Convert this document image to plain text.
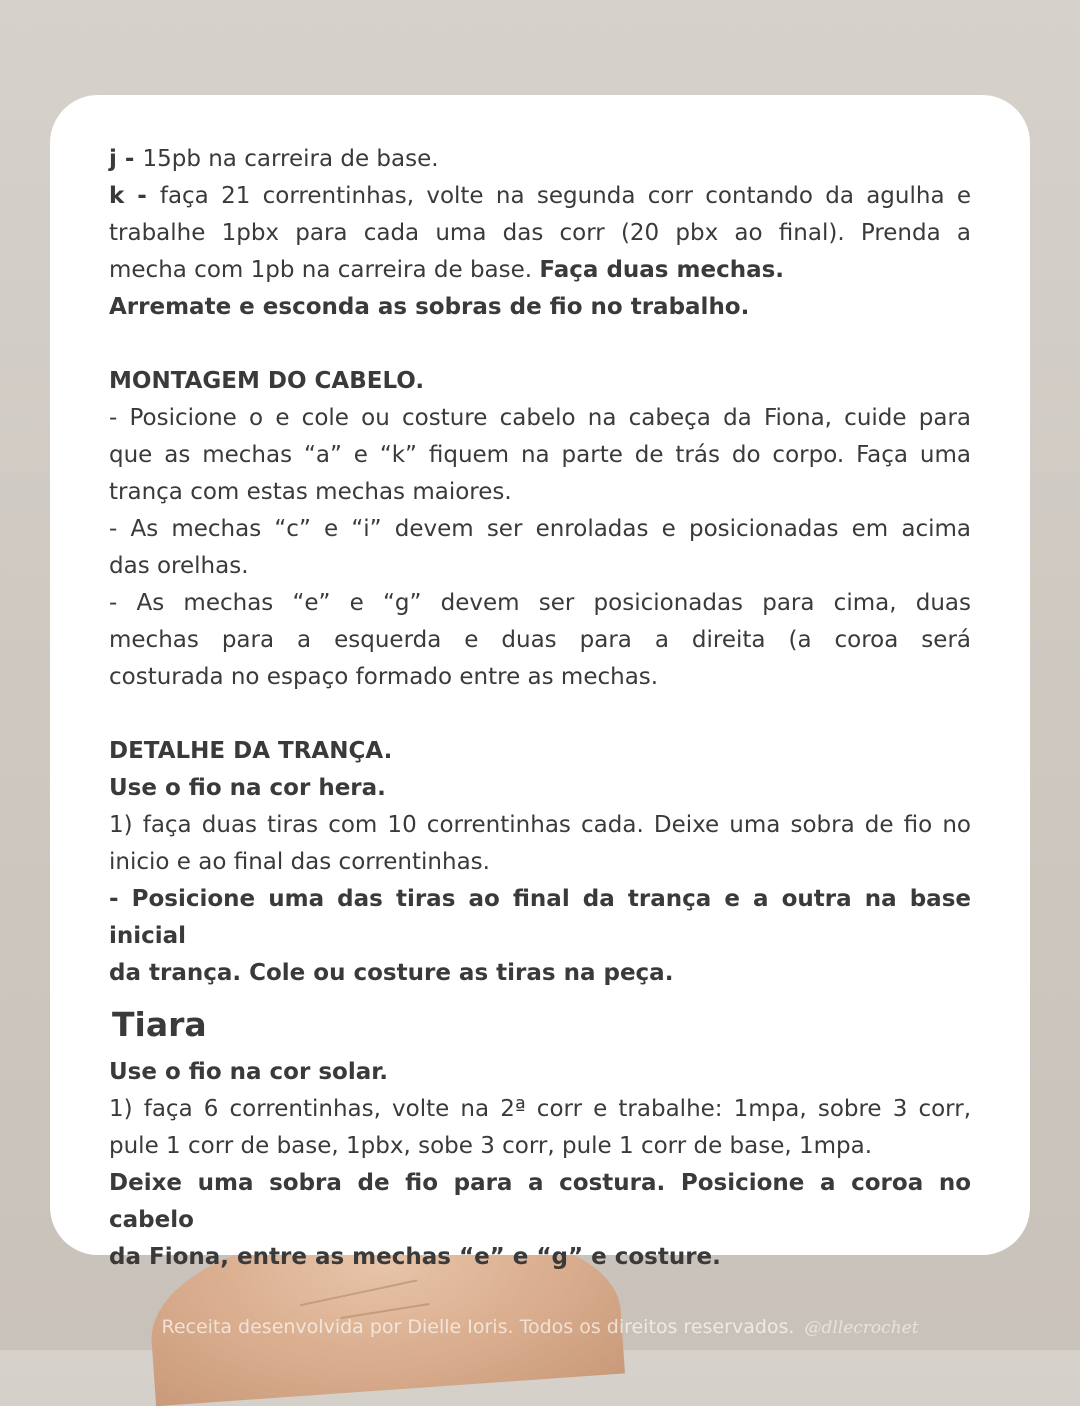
j - 15pb na carreira de base.

k - faça 21 correntinhas, volte na segunda corr contando da agulha e

trabalhe 1pbx para cada uma das corr (20 pbx ao final). Prenda a

mecha com 1pb na carreira de base. Faça duas mechas.

Arremate e esconda as sobras de fio no trabalho.

MONTAGEM DO CABELO.

- Posicione o e cole ou costure cabelo na cabeça da Fiona, cuide para

que as mechas “a” e “k” fiquem na parte de trás do corpo. Faça uma

trança com estas mechas maiores.

- As mechas “c” e “i” devem ser enroladas e posicionadas em acima

das orelhas.

- As mechas “e” e “g” devem ser posicionadas para cima, duas

mechas para a esquerda e duas para a direita (a coroa será

costurada no espaço formado entre as mechas.

DETALHE DA TRANÇA.

Use o fio na cor hera.

1) faça duas tiras com 10 correntinhas cada. Deixe uma sobra de fio no

inicio e ao final das correntinhas.

- Posicione uma das tiras ao final da trança e a outra na base inicial

da trança. Cole ou costure as tiras na peça.

Tiara

Use o fio na cor solar.

1) faça 6 correntinhas, volte na 2ª corr e trabalhe: 1mpa, sobre 3 corr,

pule 1 corr de base, 1pbx, sobe 3 corr, pule 1 corr de base, 1mpa.

Deixe uma sobra de fio para a costura. Posicione a coroa no cabelo

da Fiona, entre as mechas “e” e “g” e costure.

Receita desenvolvida por Dielle Ioris. Todos os direitos reservados. @dllecrochet
